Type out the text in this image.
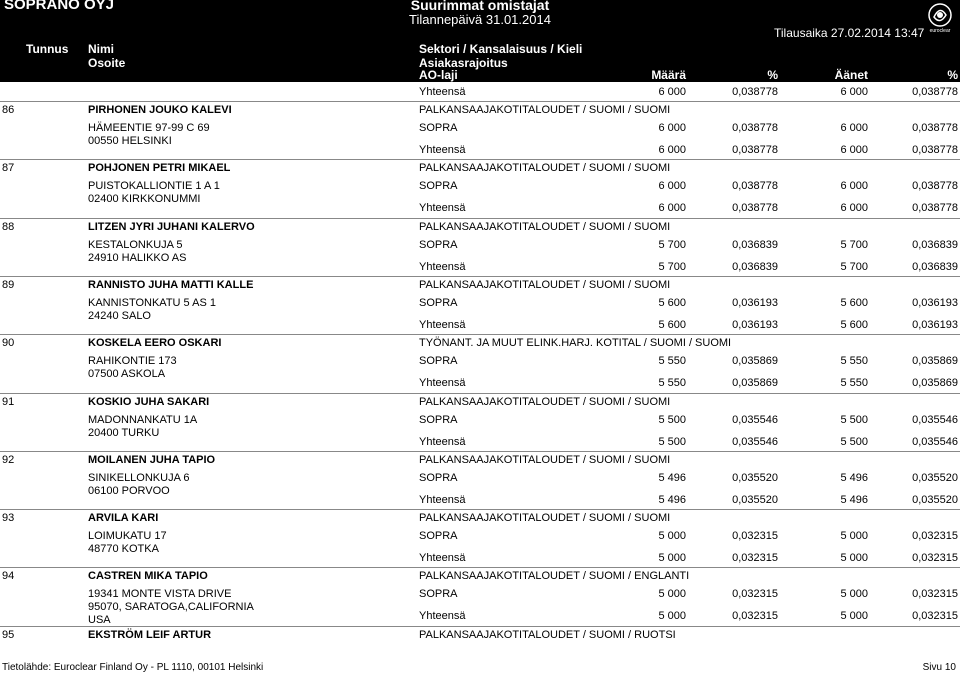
SOPRANO OYJ	Suurimmat omistajat
Tilannepäivä 31.01.2014
Tilausaika 27.02.2014 13:47	euroclear
Tunnus Nimi
Osoite
Sektori / Kansalaisuus / Kieli
Asiakasrajoitus
AO-laji	Määrä	%	Äänet	%
Yhteensä	6 000	0,038778	6 000	0,038778
86	PIRHONEN JOUKO KALEVI	PALKANSAAJAKOTITALOUDET / SUOMI / SUOMI
HÄMEENTIE 97-99 C 69
00550 HELSINKI
SOPRA	6 000	0,038778	6 000	0,038778
Yhteensä	6 000	0,038778	6 000	0,038778
87	POHJONEN PETRI MIKAEL	PALKANSAAJAKOTITALOUDET / SUOMI / SUOMI
PUISTOKALLIONTIE 1 A 1
02400 KIRKKONUMMI
SOPRA	6 000	0,038778	6 000	0,038778
Yhteensä	6 000	0,038778	6 000	0,038778
88	LITZEN JYRI JUHANI KALERVO	PALKANSAAJAKOTITALOUDET / SUOMI / SUOMI
KESTALONKUJA 5
24910 HALIKKO AS
SOPRA	5 700	0,036839	5 700	0,036839
Yhteensä	5 700	0,036839	5 700	0,036839
89	RANNISTO JUHA MATTI KALLE	PALKANSAAJAKOTITALOUDET / SUOMI / SUOMI
KANNISTONKATU 5 AS 1
24240 SALO
SOPRA	5 600	0,036193	5 600	0,036193
Yhteensä	5 600	0,036193	5 600	0,036193
90	KOSKELA EERO OSKARI	TYÖNANT. JA MUUT ELINK.HARJ. KOTITAL / SUOMI / SUOMI
RAHIKONTIE 173
07500 ASKOLA
SOPRA	5 550	0,035869	5 550	0,035869
Yhteensä	5 550	0,035869	5 550	0,035869
91	KOSKIO JUHA SAKARI	PALKANSAAJAKOTITALOUDET / SUOMI / SUOMI
MADONNANKATU 1A
20400 TURKU
SOPRA	5 500	0,035546	5 500	0,035546
Yhteensä	5 500	0,035546	5 500	0,035546
92	MOILANEN JUHA TAPIO	PALKANSAAJAKOTITALOUDET / SUOMI / SUOMI
SINIKELLONKUJA 6
06100 PORVOO
SOPRA	5 496	0,035520	5 496	0,035520
Yhteensä	5 496	0,035520	5 496	0,035520
93	ARVILA KARI	PALKANSAAJAKOTITALOUDET / SUOMI / SUOMI
LOIMUKATU 17
48770 KOTKA
SOPRA	5 000	0,032315	5 000	0,032315
Yhteensä	5 000	0,032315	5 000	0,032315
94	CASTREN MIKA TAPIO	PALKANSAAJAKOTITALOUDET / SUOMI / ENGLANTI
19341 MONTE VISTA DRIVE
95070, SARATOGA,CALIFORNIA
USA
SOPRA	5 000	0,032315	5 000	0,032315
Yhteensä	5 000	0,032315	5 000	0,032315
95	EKSTRÖM LEIF ARTUR	PALKANSAAJAKOTITALOUDET / SUOMI / RUOTSI
Tietolähde: Euroclear Finland Oy - PL 1110, 00101 Helsinki	Sivu 10
